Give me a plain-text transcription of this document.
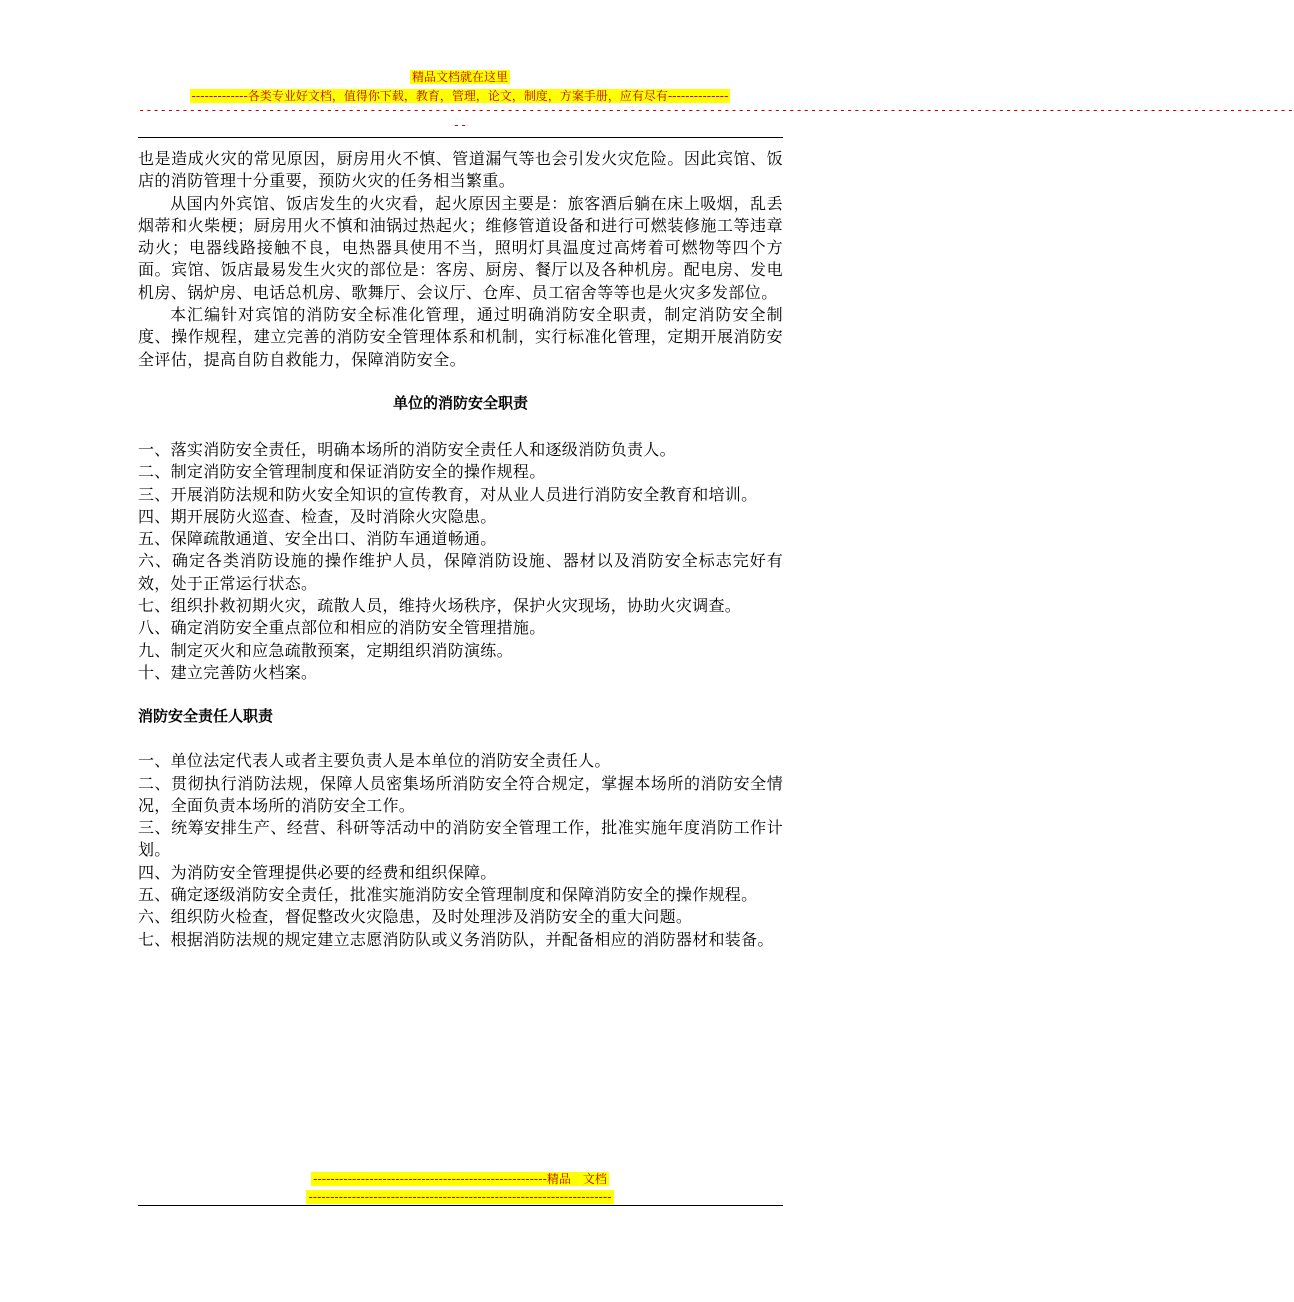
精品文档就在这里
-------------各类专业好文档，值得你下载，教育，管理，论文，制度，方案手册，应有尽有--------------
----------------------------------------------------------------------------------------------------------------------------------------------------------------
--

也是造成火灾的常见原因，厨房用火不慎、管道漏气等也会引发火灾危险。因此宾馆、饭店的消防管理十分重要，预防火灾的任务相当繁重。

从国内外宾馆、饭店发生的火灾看，起火原因主要是：旅客酒后躺在床上吸烟，乱丢烟蒂和火柴梗；厨房用火不慎和油锅过热起火；维修管道设备和进行可燃装修施工等违章动火；电器线路接触不良，电热器具使用不当，照明灯具温度过高烤着可燃物等四个方面。宾馆、饭店最易发生火灾的部位是：客房、厨房、餐厅以及各种机房。配电房、发电机房、锅炉房、电话总机房、歌舞厅、会议厅、仓库、员工宿舍等等也是火灾多发部位。

本汇编针对宾馆的消防安全标准化管理，通过明确消防安全职责，制定消防安全制度、操作规程，建立完善的消防安全管理体系和机制，实行标准化管理，定期开展消防安全评估，提高自防自救能力，保障消防安全。

单位的消防安全职责

一、落实消防安全责任，明确本场所的消防安全责任人和逐级消防负责人。

二、制定消防安全管理制度和保证消防安全的操作规程。

三、开展消防法规和防火安全知识的宣传教育，对从业人员进行消防安全教育和培训。

四、期开展防火巡查、检查，及时消除火灾隐患。

五、保障疏散通道、安全出口、消防车通道畅通。

六、确定各类消防设施的操作维护人员，保障消防设施、器材以及消防安全标志完好有效，处于正常运行状态。

七、组织扑救初期火灾，疏散人员，维持火场秩序，保护火灾现场，协助火灾调查。

八、确定消防安全重点部位和相应的消防安全管理措施。

九、制定灭火和应急疏散预案，定期组织消防演练。

十、建立完善防火档案。

消防安全责任人职责

一、单位法定代表人或者主要负责人是本单位的消防安全责任人。

二、贯彻执行消防法规，保障人员密集场所消防安全符合规定，掌握本场所的消防安全情况，全面负责本场所的消防安全工作。

三、统筹安排生产、经营、科研等活动中的消防安全管理工作，批准实施年度消防工作计划。

四、为消防安全管理提供必要的经费和组织保障。

五、确定逐级消防安全责任，批准实施消防安全管理制度和保障消防安全的操作规程。

六、组织防火检查，督促整改火灾隐患，及时处理涉及消防安全的重大问题。

七、根据消防法规的规定建立志愿消防队或义务消防队，并配备相应的消防器材和装备。

------------------------------------------------------精品　文档
----------------------------------------------------------------------
